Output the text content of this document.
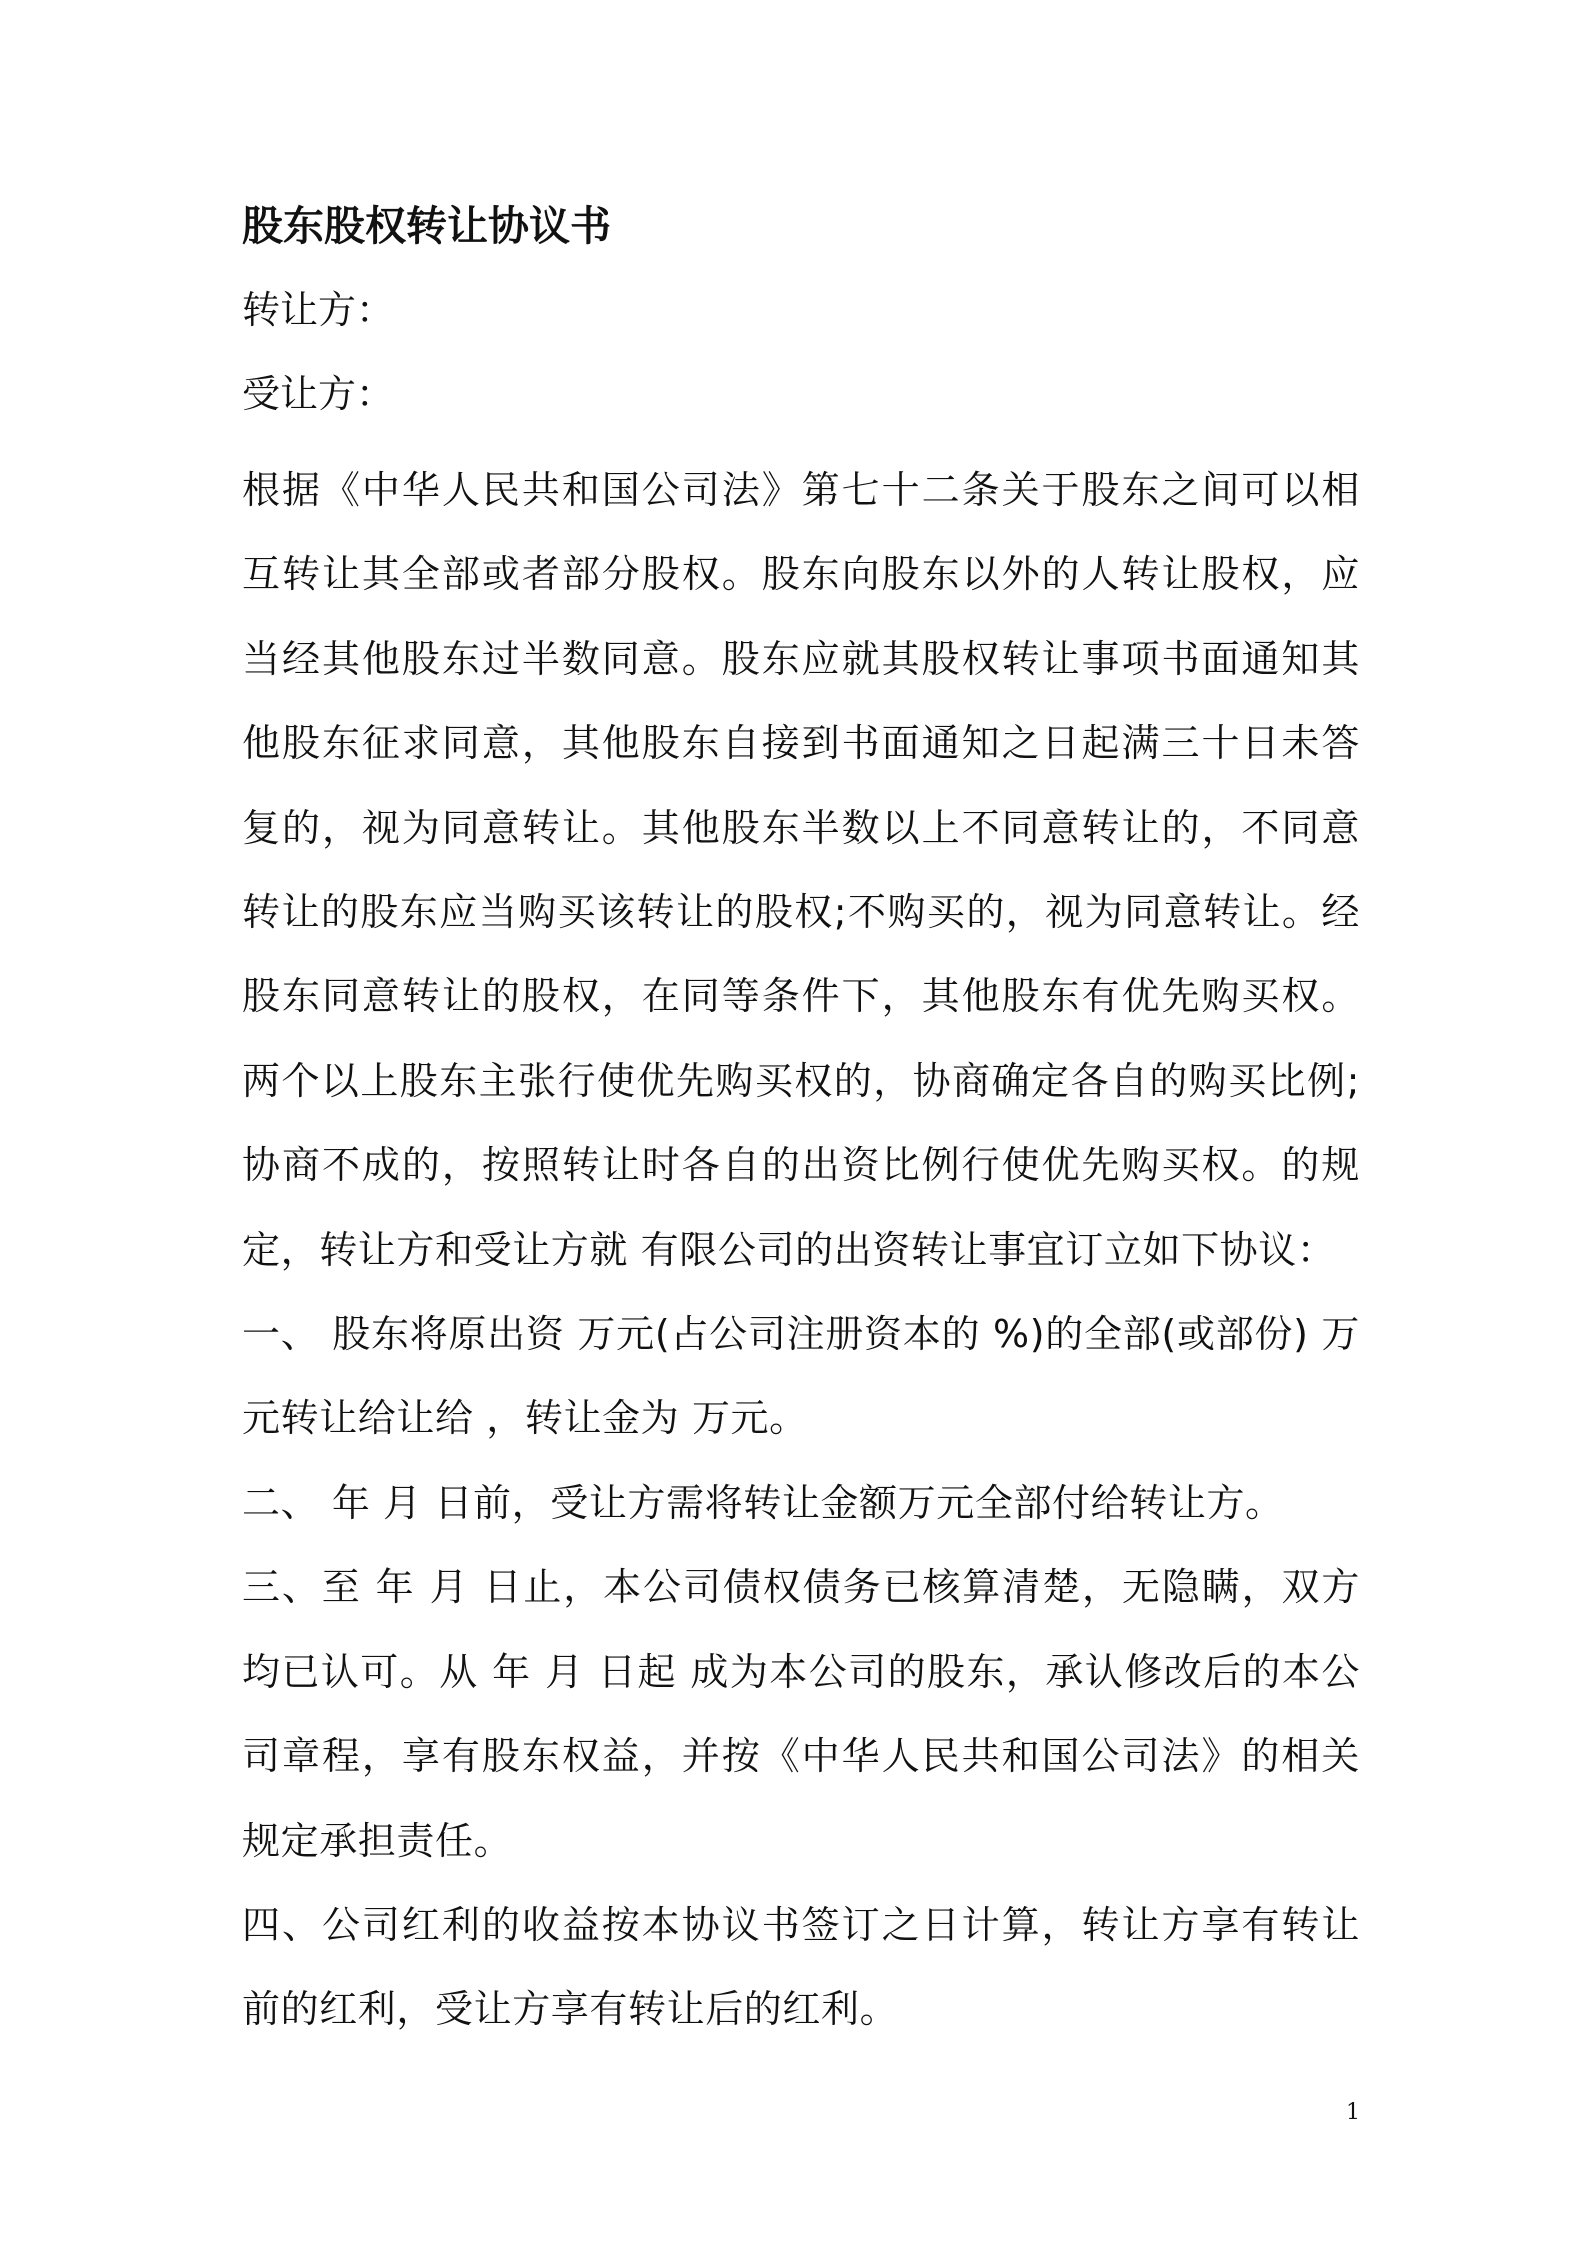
股东股权转让协议书
转让方：
受让方：

根据《中华人民共和国公司法》第七十二条关于股东之间可以相互转让其全部或者部分股权。股东向股东以外的人转让股权，应当经其他股东过半数同意。股东应就其股权转让事项书面通知其他股东征求同意，其他股东自接到书面通知之日起满三十日未答复的，视为同意转让。其他股东半数以上不同意转让的，不同意转让的股东应当购买该转让的股权;不购买的，视为同意转让。经股东同意转让的股权，在同等条件下，其他股东有优先购买权。两个以上股东主张行使优先购买权的，协商确定各自的购买比例;协商不成的，按照转让时各自的出资比例行使优先购买权。的规定，转让方和受让方就 有限公司的出资转让事宜订立如下协议：

一、 股东将原出资 万元(占公司注册资本的 %)的全部(或部份) 万元转让给让给 ，转让金为 万元。

二、 年 月 日前，受让方需将转让金额万元全部付给转让方。

三、至 年 月 日止，本公司债权债务已核算清楚，无隐瞒，双方均已认可。从 年 月 日起 成为本公司的股东，承认修改后的本公司章程，享有股东权益，并按《中华人民共和国公司法》的相关规定承担责任。

四、公司红利的收益按本协议书签订之日计算，转让方享有转让前的红利，受让方享有转让后的红利。

1
